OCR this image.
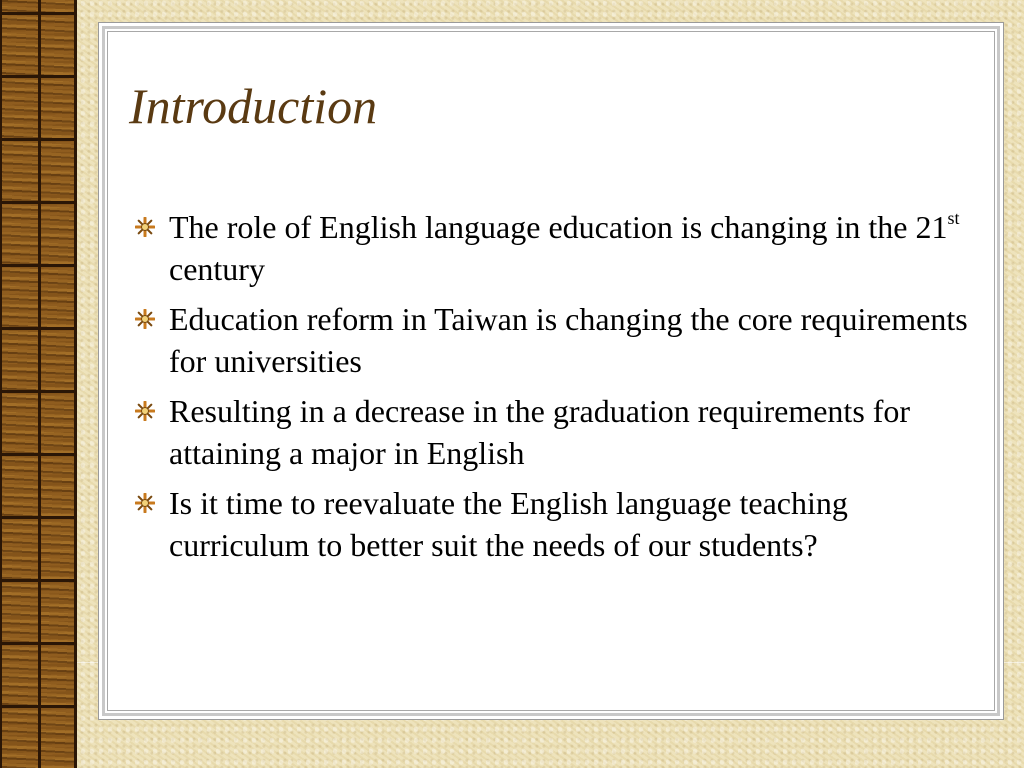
Introduction
The role of English language education is changing in the 21st century
Education reform in Taiwan is changing the core requirements for universities
Resulting in a decrease in the graduation requirements for attaining a major in English
Is it time to reevaluate the English language teaching curriculum to better suit the needs of our students?
